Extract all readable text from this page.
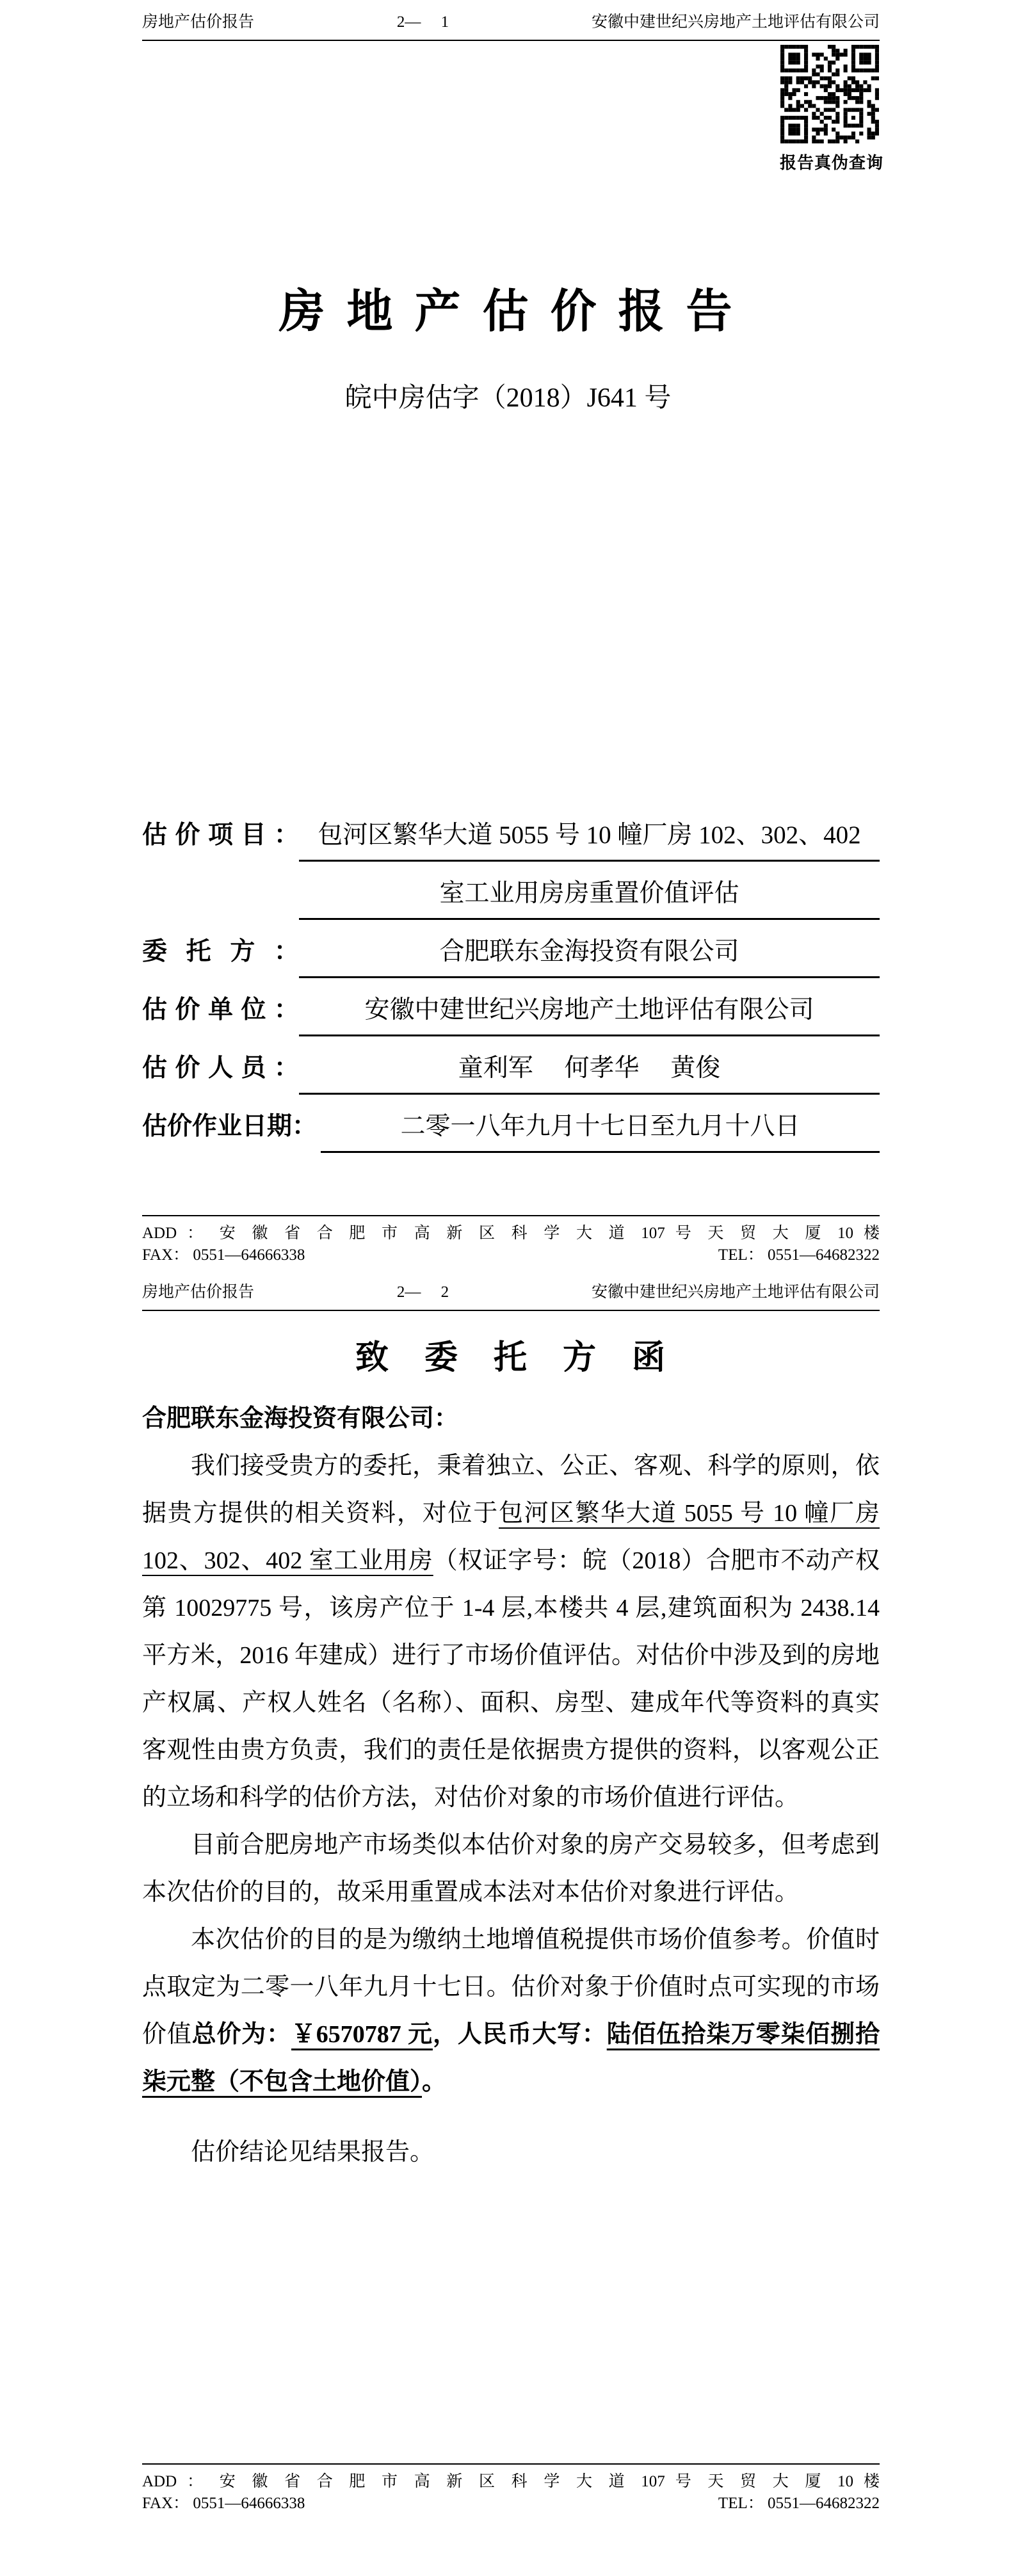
房地产估价报告	2—　 1	安徽中建世纪兴房地产土地评估有限公司
报告真伪查询
房 地 产 估 价 报 告
皖中房估字（2018）J641 号
估价项目： 包河区繁华大道 5055 号 10 幢厂房 102、302、402
室工业用房房重置价值评估
委托方：	合肥联东金海投资有限公司
估价单位：	安徽中建世纪兴房地产土地评估有限公司
估价人员：	童利军　 何孝华　 黄俊
估价作业日期：	二零一八年九月十七日至九月十八日
ADD ： 安 徽 省 合 肥 市 高 新 区 科 学 大 道 107 号 天 贸 大 厦 10 楼
FAX： 0551—64666338	TEL： 0551—64682322
房地产估价报告	2—　 2	安徽中建世纪兴房地产土地评估有限公司
致　委　托　方　函

合肥联东金海投资有限公司：

我们接受贵方的委托，秉着独立、公正、客观、科学的原则，依据贵方提供的相关资料，对位于包河区繁华大道 5055 号 10 幢厂房 102、302、402 室工业用房（权证字号：皖（2018）合肥市不动产权第 10029775 号，该房产位于 1-4 层,本楼共 4 层,建筑面积为 2438.14 平方米，2016 年建成）进行了市场价值评估。对估价中涉及到的房地产权属、产权人姓名（名称）、面积、房型、建成年代等资料的真实客观性由贵方负责，我们的责任是依据贵方提供的资料，以客观公正的立场和科学的估价方法，对估价对象的市场价值进行评估。

目前合肥房地产市场类似本估价对象的房产交易较多，但考虑到本次估价的目的，故采用重置成本法对本估价对象进行评估。

本次估价的目的是为缴纳土地增值税提供市场价值参考。价值时点取定为二零一八年九月十七日。估价对象于价值时点可实现的市场价值总价为：￥6570787 元，人民币大写：陆佰伍拾柒万零柒佰捌拾柒元整（不包含土地价值）。

估价结论见结果报告。

ADD ： 安 徽 省 合 肥 市 高 新 区 科 学 大 道 107 号 天 贸 大 厦 10 楼
FAX： 0551—64666338	TEL： 0551—64682322
